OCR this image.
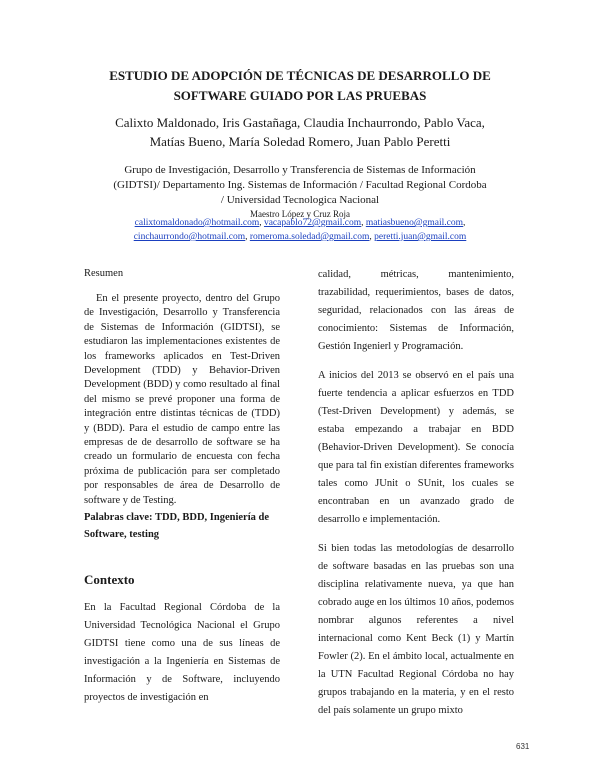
ESTUDIO DE ADOPCIÓN DE TÉCNICAS DE DESARROLLO DE SOFTWARE GUIADO POR LAS PRUEBAS

Calixto Maldonado, Iris Gastañaga, Claudia Inchaurrondo, Pablo Vaca, Matías Bueno, María Soledad Romero, Juan Pablo Peretti
Grupo de Investigación, Desarrollo y Transferencia de Sistemas de Información (GIDTSI)/ Departamento Ing. Sistemas de Información / Facultad Regional Cordoba / Universidad Tecnologica Nacional
Maestro López y Cruz Roja
calixtomaldonado@hotmail.com, vacapablo72@gmail.com, matiasbueno@gmail.com,
cinchaurrondo@hotmail.com, romeroma.soledad@gmail.com, peretti.juan@gmail.com

Resumen

En el presente proyecto, dentro del Grupo de Investigación, Desarrollo y Transferencia de Sistemas de Información (GIDTSI), se estudiaron las implementaciones existentes de los frameworks aplicados en Test-Driven Development (TDD) y Behavior-Driven Development (BDD) y como resultado al final del mismo se prevé proponer una forma de integración entre distintas técnicas de (TDD) y (BDD). Para el estudio de campo entre las empresas de de desarrollo de software se ha creado un formulario de encuesta con fecha próxima de publicación para ser completado por responsables de área de Desarrollo de software y de Testing.

Palabras clave: TDD, BDD, Ingeniería de Software, testing

Contexto

En la Facultad Regional Córdoba de la Universidad Tecnológica Nacional el Grupo GIDTSI tiene como una de sus líneas de investigación a la Ingeniería en Sistemas de Información y de Software, incluyendo proyectos de investigación en

calidad, métricas, mantenimiento, trazabilidad, requerimientos, bases de datos, seguridad, relacionados con las áreas de conocimiento: Sistemas de Información, Gestión Ingenierl y Programación.

A inicios del 2013 se observó en el país una fuerte tendencia a aplicar esfuerzos en TDD (Test-Driven Development) y además, se estaba empezando a trabajar en BDD (Behavior-Driven Development). Se conocía que para tal fin existían diferentes frameworks tales como JUnit o SUnit, los cuales se encontraban en un avanzado grado de desarrollo e implementación.

Si bien todas las metodologías de desarrollo de software basadas en las pruebas son una disciplina relativamente nueva, ya que han cobrado auge en los últimos 10 años, podemos nombrar algunos referentes a nivel internacional como Kent Beck (1) y Martín Fowler (2). En el ámbito local, actualmente en la UTN Facultad Regional Córdoba no hay grupos trabajando en la materia, y en el resto del país solamente un grupo mixto

631
